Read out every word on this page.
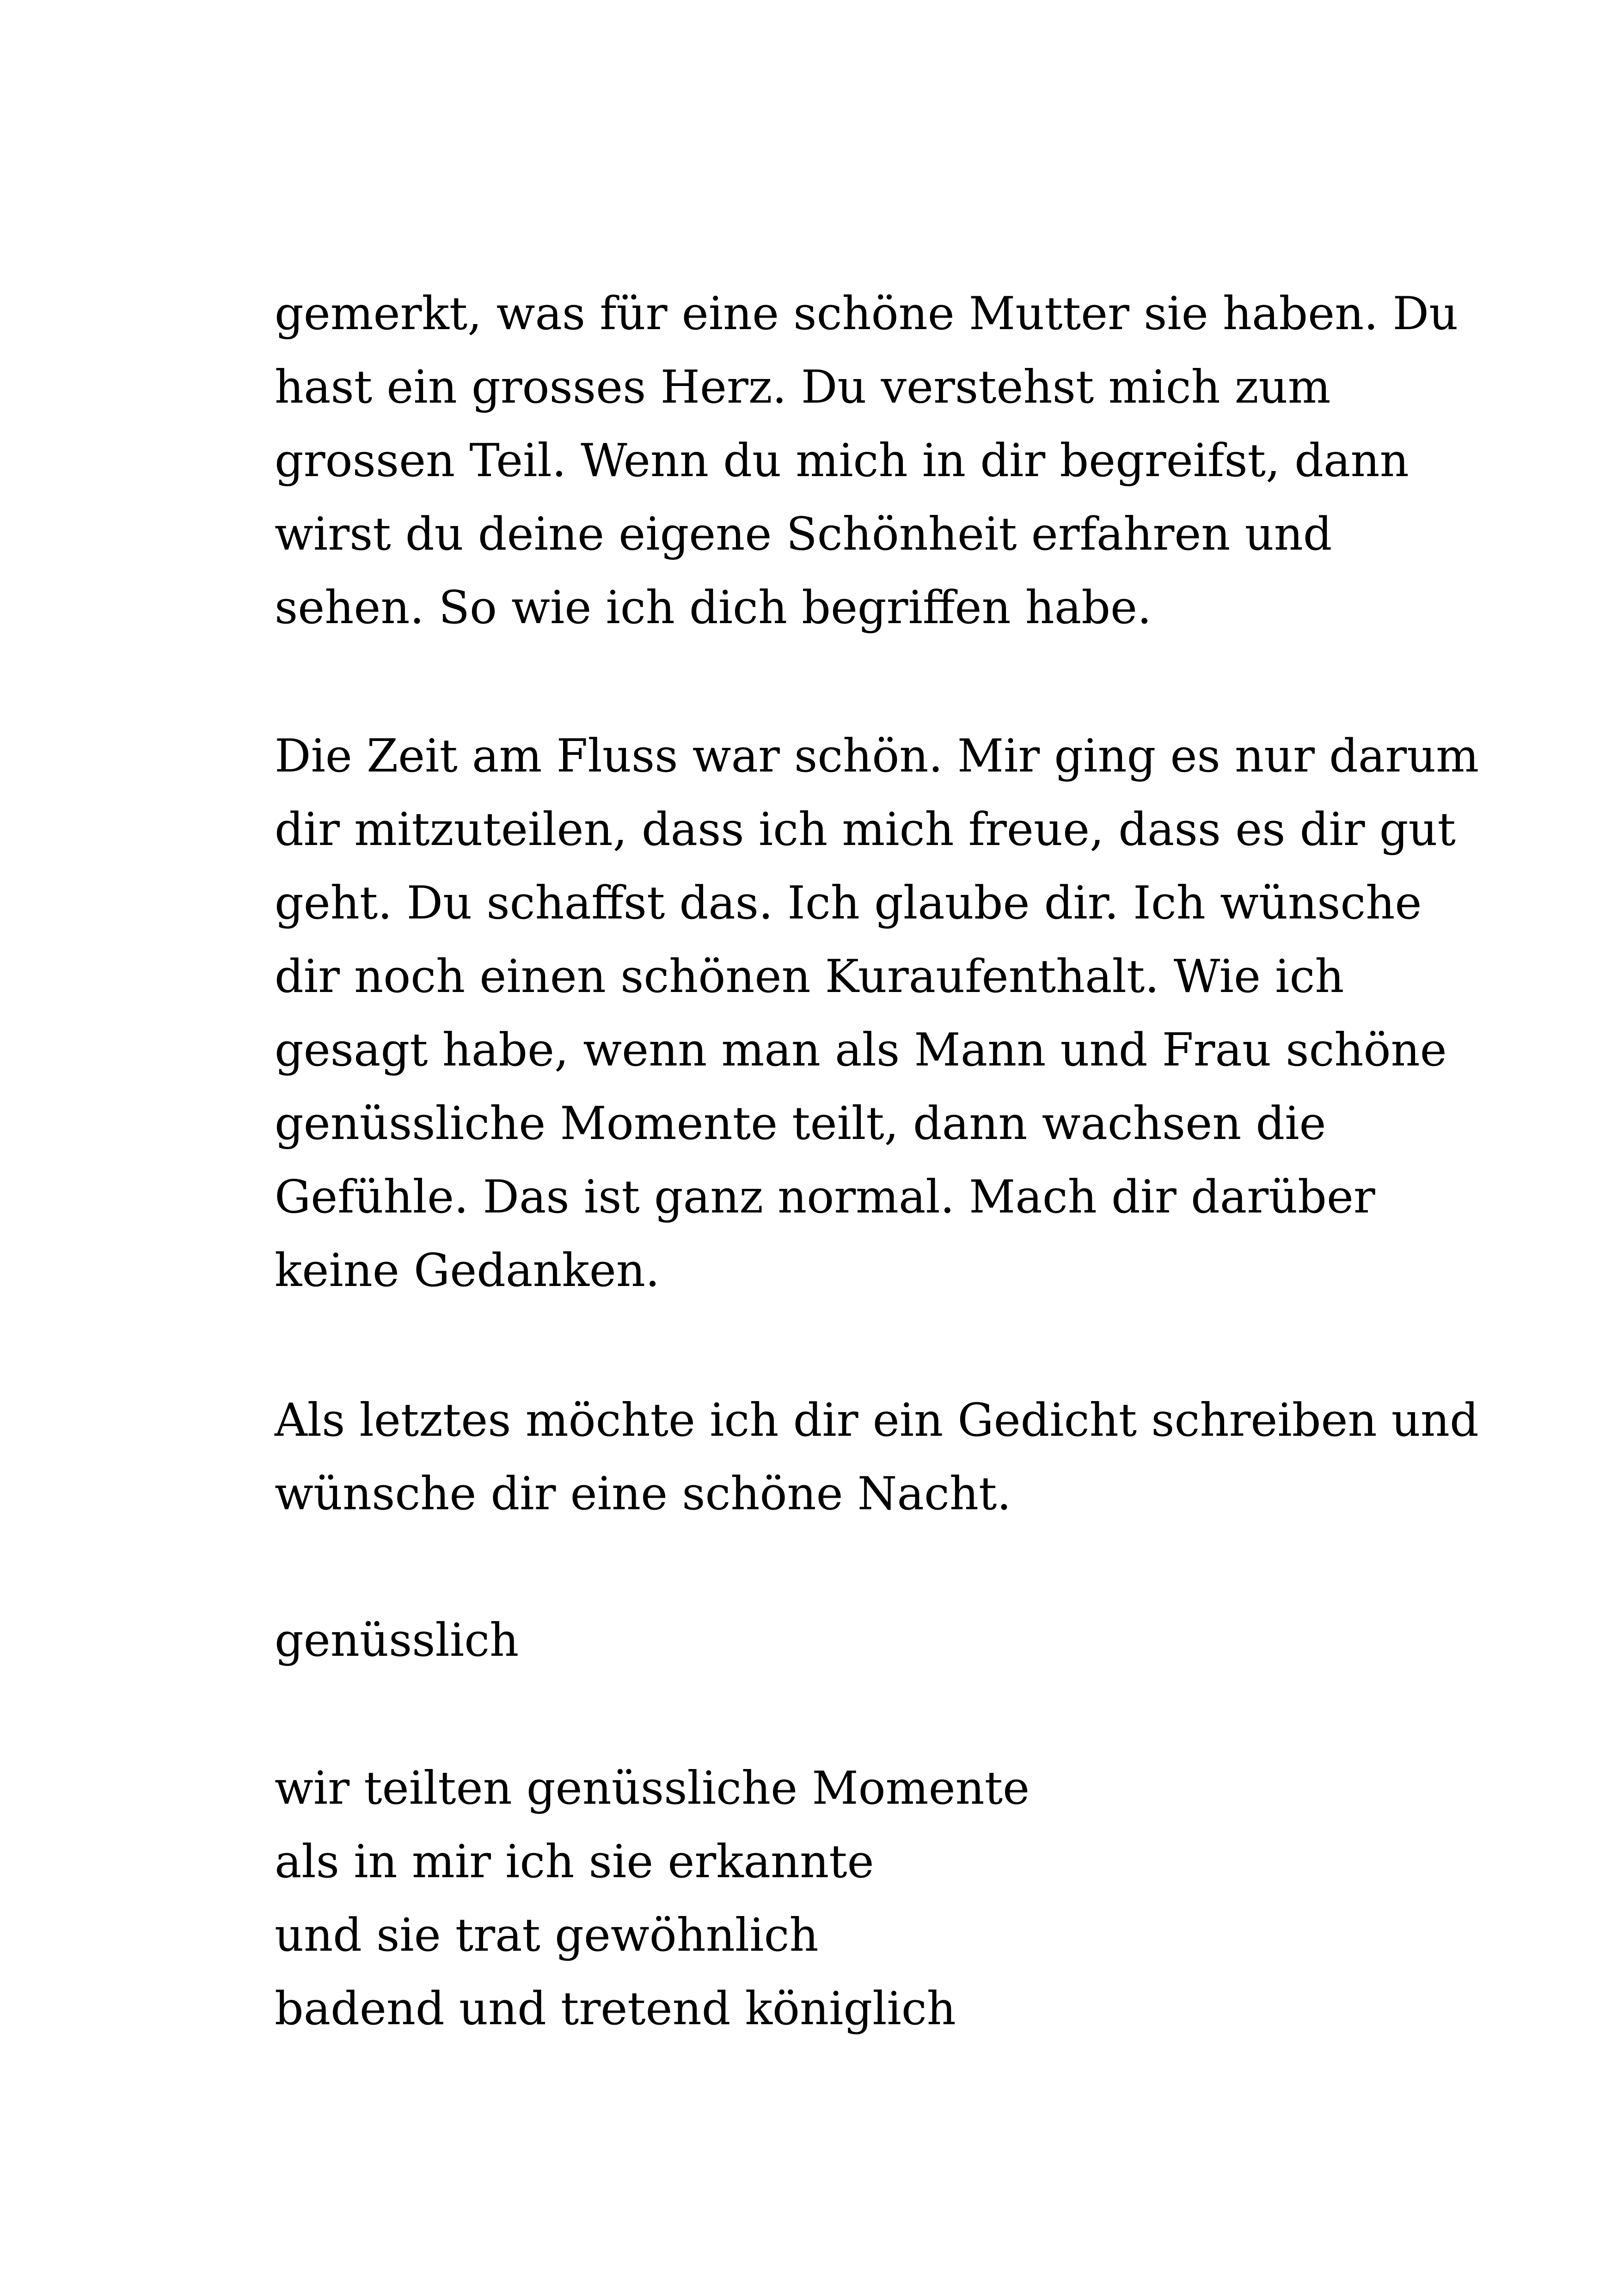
gemerkt, was für eine schöne Mutter sie haben. Du
hast ein grosses Herz. Du verstehst mich zum
grossen Teil. Wenn du mich in dir begreifst, dann
wirst du deine eigene Schönheit erfahren und
sehen. So wie ich dich begriffen habe.
Die Zeit am Fluss war schön. Mir ging es nur darum
dir mitzuteilen, dass ich mich freue, dass es dir gut
geht. Du schaffst das. Ich glaube dir. Ich wünsche
dir noch einen schönen Kuraufenthalt. Wie ich
gesagt habe, wenn man als Mann und Frau schöne
genüssliche Momente teilt, dann wachsen die
Gefühle. Das ist ganz normal. Mach dir darüber
keine Gedanken.
Als letztes möchte ich dir ein Gedicht schreiben und
wünsche dir eine schöne Nacht.
genüsslich
wir teilten genüssliche Momente
als in mir ich sie erkannte
und sie trat gewöhnlich
badend und tretend königlich
